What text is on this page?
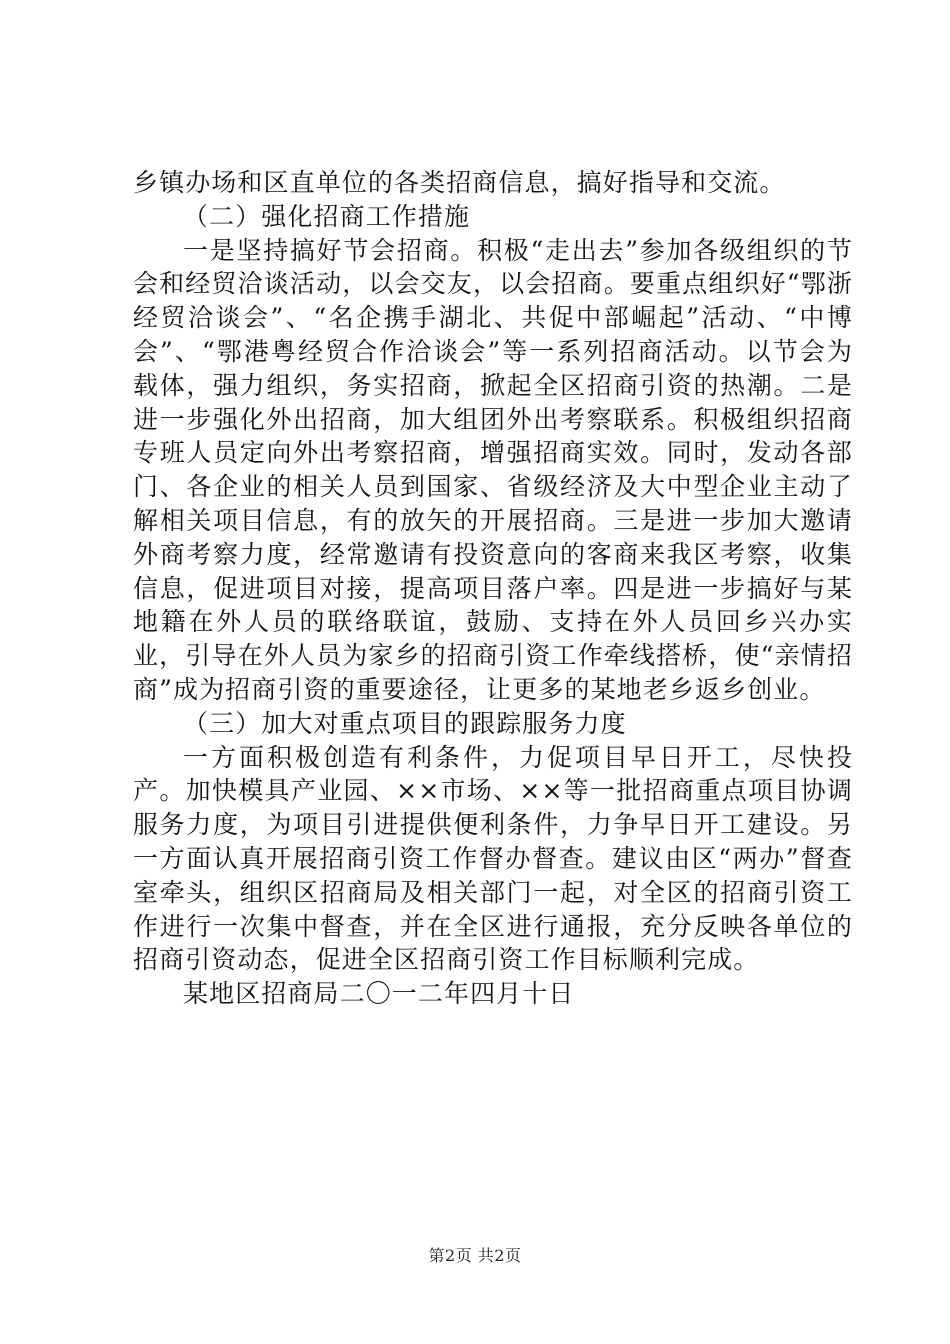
乡镇办场和区直单位的各类招商信息，搞好指导和交流。

（二）强化招商工作措施

一是坚持搞好节会招商。积极“走出去”参加各级组织的节会和经贸洽谈活动，以会交友，以会招商。要重点组织好“鄂浙经贸洽谈会”、“名企携手湖北、共促中部崛起”活动、“中博会”、“鄂港粤经贸合作洽谈会”等一系列招商活动。以节会为载体，强力组织，务实招商，掀起全区招商引资的热潮。二是进一步强化外出招商，加大组团外出考察联系。积极组织招商专班人员定向外出考察招商，增强招商实效。同时，发动各部门、各企业的相关人员到国家、省级经济及大中型企业主动了解相关项目信息，有的放矢的开展招商。三是进一步加大邀请外商考察力度，经常邀请有投资意向的客商来我区考察，收集信息，促进项目对接，提高项目落户率。四是进一步搞好与某地籍在外人员的联络联谊，鼓励、支持在外人员回乡兴办实业，引导在外人员为家乡的招商引资工作牵线搭桥，使“亲情招商”成为招商引资的重要途径，让更多的某地老乡返乡创业。

（三）加大对重点项目的跟踪服务力度

一方面积极创造有利条件，力促项目早日开工，尽快投产。加快模具产业园、××市场、××等一批招商重点项目协调服务力度，为项目引进提供便利条件，力争早日开工建设。另一方面认真开展招商引资工作督办督查。建议由区“两办”督查室牵头，组织区招商局及相关部门一起，对全区的招商引资工作进行一次集中督查，并在全区进行通报，充分反映各单位的招商引资动态，促进全区招商引资工作目标顺利完成。

某地区招商局二〇一二年四月十日

第2页 共2页
